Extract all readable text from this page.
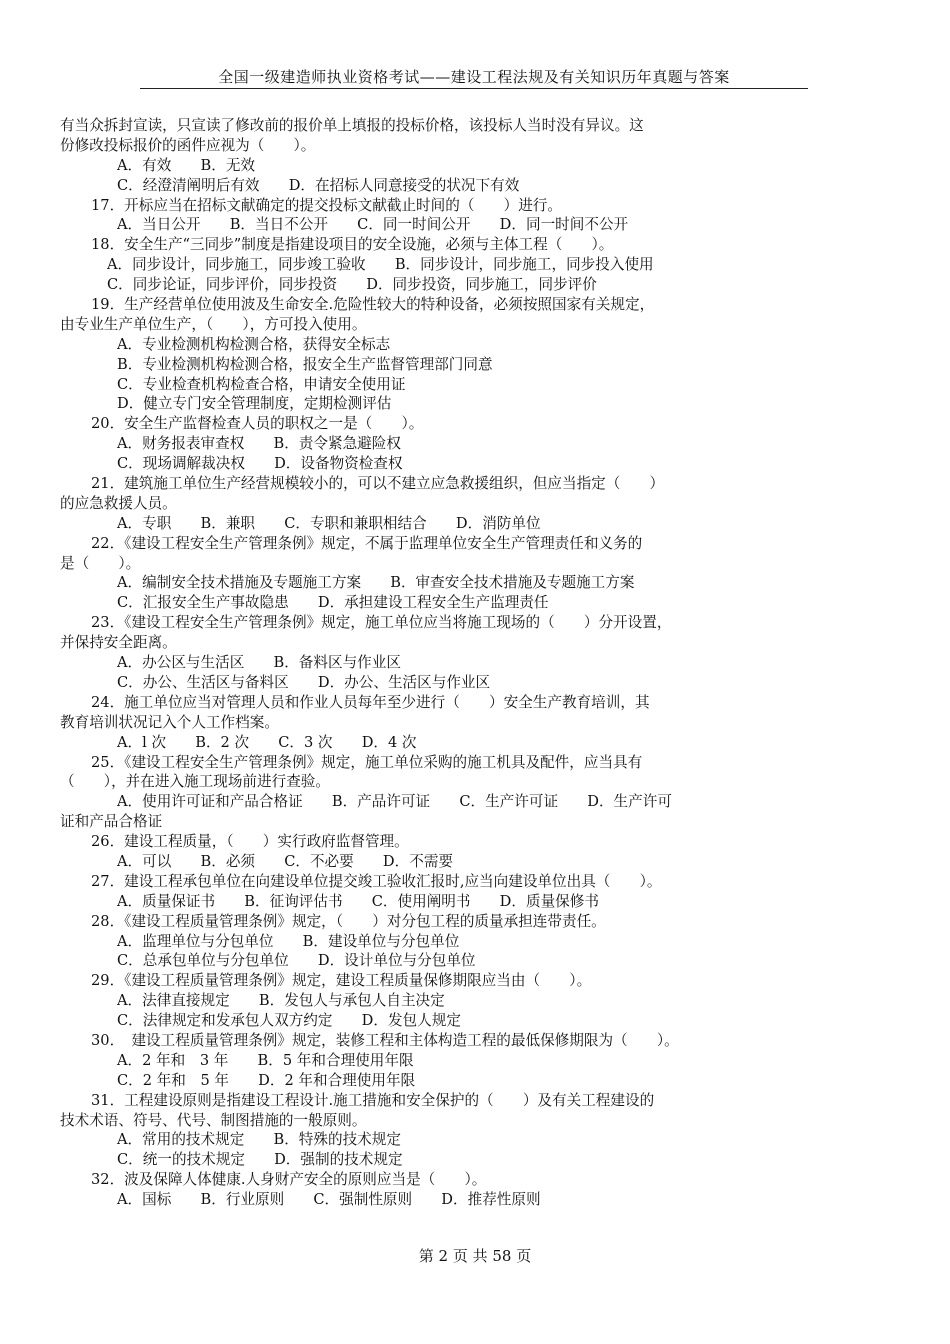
全国一级建造师执业资格考试——建设工程法规及有关知识历年真题与答案
有当众拆封宣读，只宣读了修改前的报价单上填报的投标价格，该投标人当时没有异议。这
份修改投标报价的函件应视为（　　）。
A．有效　　B．无效
C．经澄清阐明后有效　　D．在招标人同意接受的状况下有效
17．开标应当在招标文献确定的提交投标文献截止时间的（　　）进行。
A．当日公开　　B．当日不公开　　C．同一时间公开　　D．同一时间不公开
18．安全生产“三同步”制度是指建设项目的安全设施，必须与主体工程（　　）。
A．同步设计，同步施工，同步竣工验收　　B．同步设计，同步施工，同步投入使用
C．同步论证，同步评价，同步投资　　D．同步投资，同步施工，同步评价
19．生产经营单位使用波及生命安全.危险性较大的特种设备，必须按照国家有关规定，
由专业生产单位生产，（　　），方可投入使用。
A．专业检测机构检测合格，获得安全标志
B．专业检测机构检测合格，报安全生产监督管理部门同意
C．专业检查机构检查合格，申请安全使用证
D．健立专门安全管理制度，定期检测评估
20．安全生产监督检查人员的职权之一是（　　）。
A．财务报表审查权　　B．责令紧急避险权
C．现场调解裁决权　　D．设备物资检查权
21．建筑施工单位生产经营规模较小的，可以不建立应急救援组织，但应当指定（　　）
的应急救援人员。
A．专职　　B．兼职　　C．专职和兼职相结合　　D．消防单位
22．《建设工程安全生产管理条例》规定，不属于监理单位安全生产管理责任和义务的
是（　　）。
A．编制安全技术措施及专题施工方案　　B．审查安全技术措施及专题施工方案
C．汇报安全生产事故隐患　　D．承担建设工程安全生产监理责任
23．《建设工程安全生产管理条例》规定，施工单位应当将施工现场的（　　）分开设置，
并保持安全距离。
A．办公区与生活区　　B．备料区与作业区
C．办公、生活区与备料区　　D．办公、生活区与作业区
24．施工单位应当对管理人员和作业人员每年至少进行（　　）安全生产教育培训，其
教育培训状况记入个人工作档案。
A．l 次　　B．2 次　　C．3 次　　D．4 次
25．《建设工程安全生产管理条例》规定，施工单位采购的施工机具及配件，应当具有
（　　），并在进入施工现场前进行查验。
A．使用许可证和产品合格证　　B．产品许可证　　C．生产许可证　　D．生产许可
证和产品合格证
26．建设工程质量，（　　）实行政府监督管理。
A．可以　　B．必须　　C．不必要　　D．不需要
27．建设工程承包单位在向建设单位提交竣工验收汇报时,应当向建设单位出具（　　）。
A．质量保证书　　B．征询评估书　　C．使用阐明书　　D．质量保修书
28．《建设工程质量管理条例》规定，（　　）对分包工程的质量承担连带责任。
A．监理单位与分包单位　　B．建设单位与分包单位
C．总承包单位与分包单位　　D．设计单位与分包单位
29．《建设工程质量管理条例》规定，建设工程质量保修期限应当由（　　）。
A．法律直接规定　　B．发包人与承包人自主决定
C．法律规定和发承包人双方约定　　D．发包人规定
30．　建设工程质量管理条例》规定，装修工程和主体构造工程的最低保修期限为（　　）。
A．2 年和　3 年　　B．5 年和合理使用年限
C．2 年和　5 年　　D．2 年和合理使用年限
31．工程建设原则是指建设工程设计.施工措施和安全保护的（　　）及有关工程建设的
技术术语、符号、代号、制图措施的一般原则。
A．常用的技术规定　　B．特殊的技术规定
C．统一的技术规定　　D．强制的技术规定
32．波及保障人体健康.人身财产安全的原则应当是（　　）。
A．国标　　B．行业原则　　C．强制性原则　　D．推荐性原则
第 2 页 共 58 页
